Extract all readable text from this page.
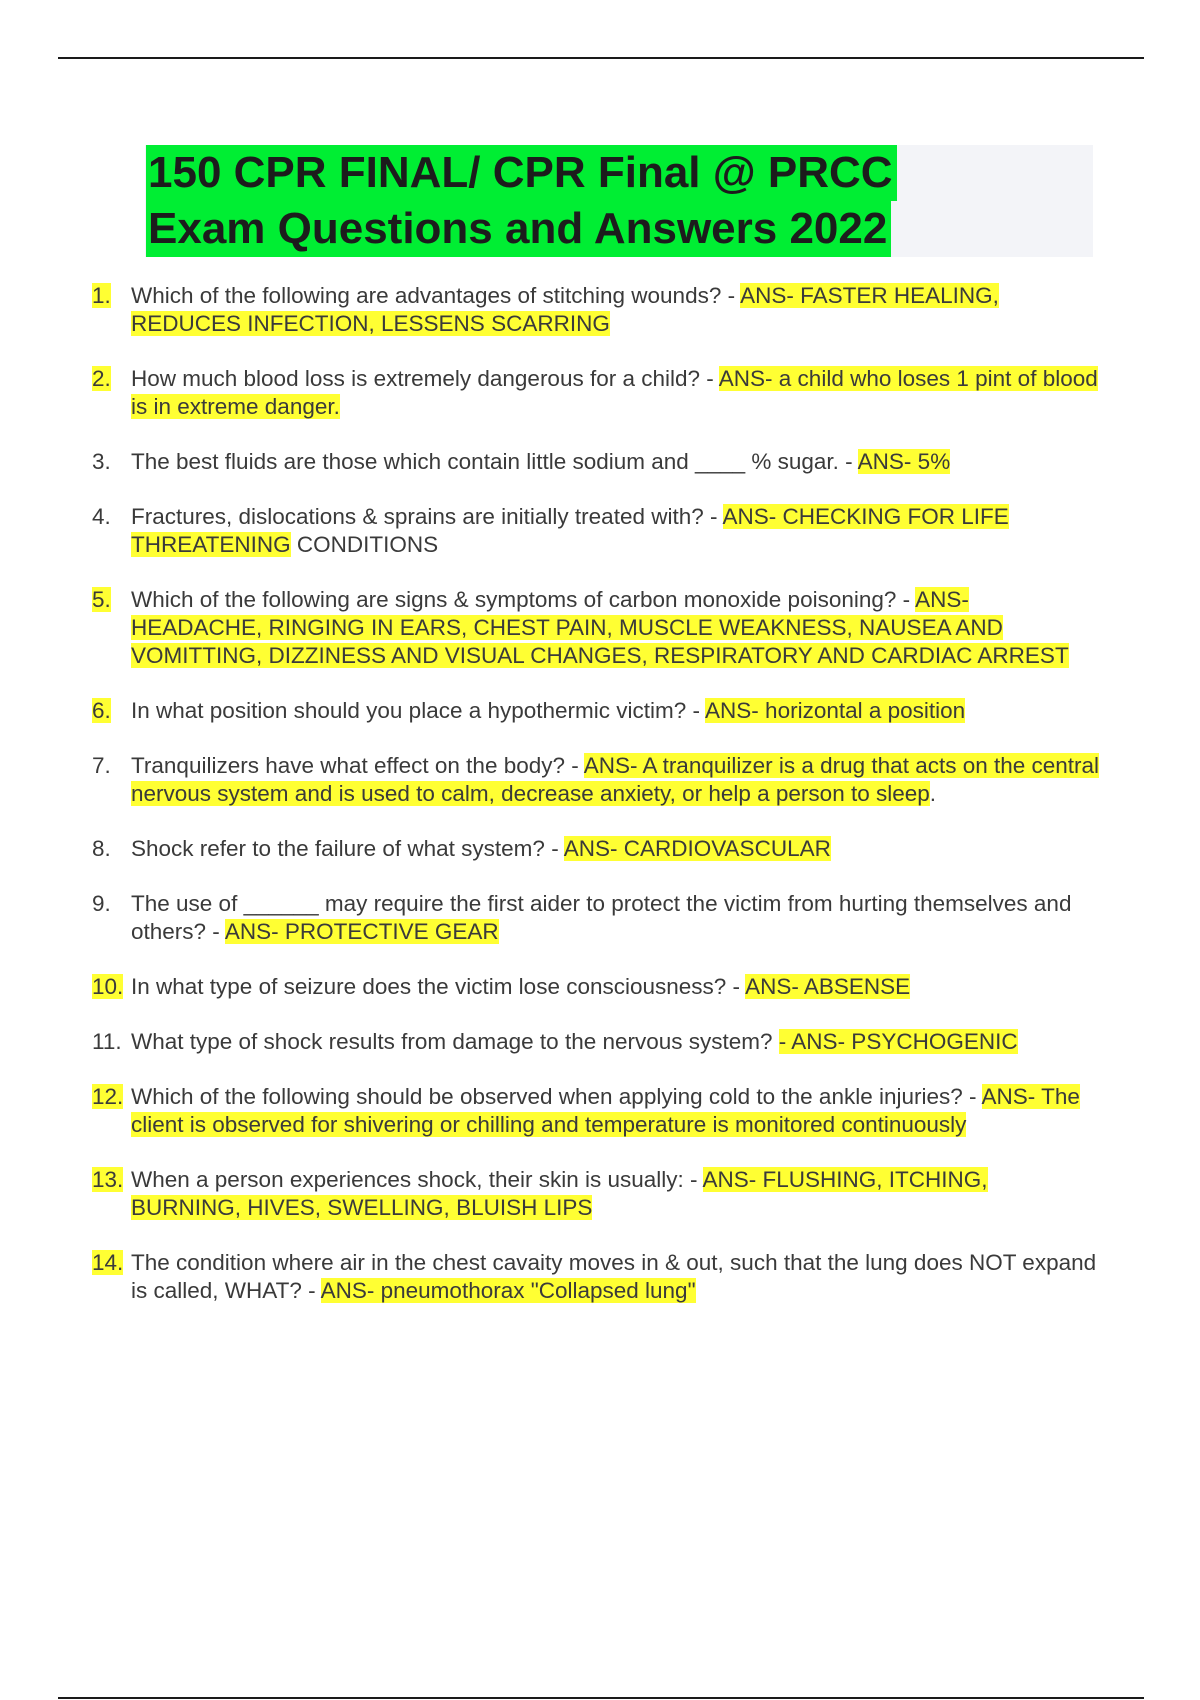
150 CPR FINAL/ CPR Final @ PRCC
Exam Questions and Answers 2022
1. Which of the following are advantages of stitching wounds? - ANS- FASTER HEALING, REDUCES INFECTION, LESSENS SCARRING
2. How much blood loss is extremely dangerous for a child? - ANS- a child who loses 1 pint of blood is in extreme danger.
3. The best fluids are those which contain little sodium and ____ % sugar. - ANS- 5%
4. Fractures, dislocations & sprains are initially treated with? - ANS- CHECKING FOR LIFE THREATENING CONDITIONS
5. Which of the following are signs & symptoms of carbon monoxide poisoning? - ANS- HEADACHE, RINGING IN EARS, CHEST PAIN, MUSCLE WEAKNESS, NAUSEA AND VOMITTING, DIZZINESS AND VISUAL CHANGES, RESPIRATORY AND CARDIAC ARREST
6. In what position should you place a hypothermic victim? - ANS- horizontal a position
7. Tranquilizers have what effect on the body? - ANS- A tranquilizer is a drug that acts on the central nervous system and is used to calm, decrease anxiety, or help a person to sleep.
8. Shock refer to the failure of what system? - ANS- CARDIOVASCULAR
9. The use of ______ may require the first aider to protect the victim from hurting themselves and others? - ANS- PROTECTIVE GEAR
10. In what type of seizure does the victim lose consciousness? - ANS- ABSENSE
11. What type of shock results from damage to the nervous system? - ANS- PSYCHOGENIC
12. Which of the following should be observed when applying cold to the ankle injuries? - ANS- The client is observed for shivering or chilling and temperature is monitored continuously
13. When a person experiences shock, their skin is usually: - ANS- FLUSHING, ITCHING, BURNING, HIVES, SWELLING, BLUISH LIPS
14. The condition where air in the chest cavaity moves in & out, such that the lung does NOT expand is called, WHAT? - ANS- pneumothorax "Collapsed lung"
